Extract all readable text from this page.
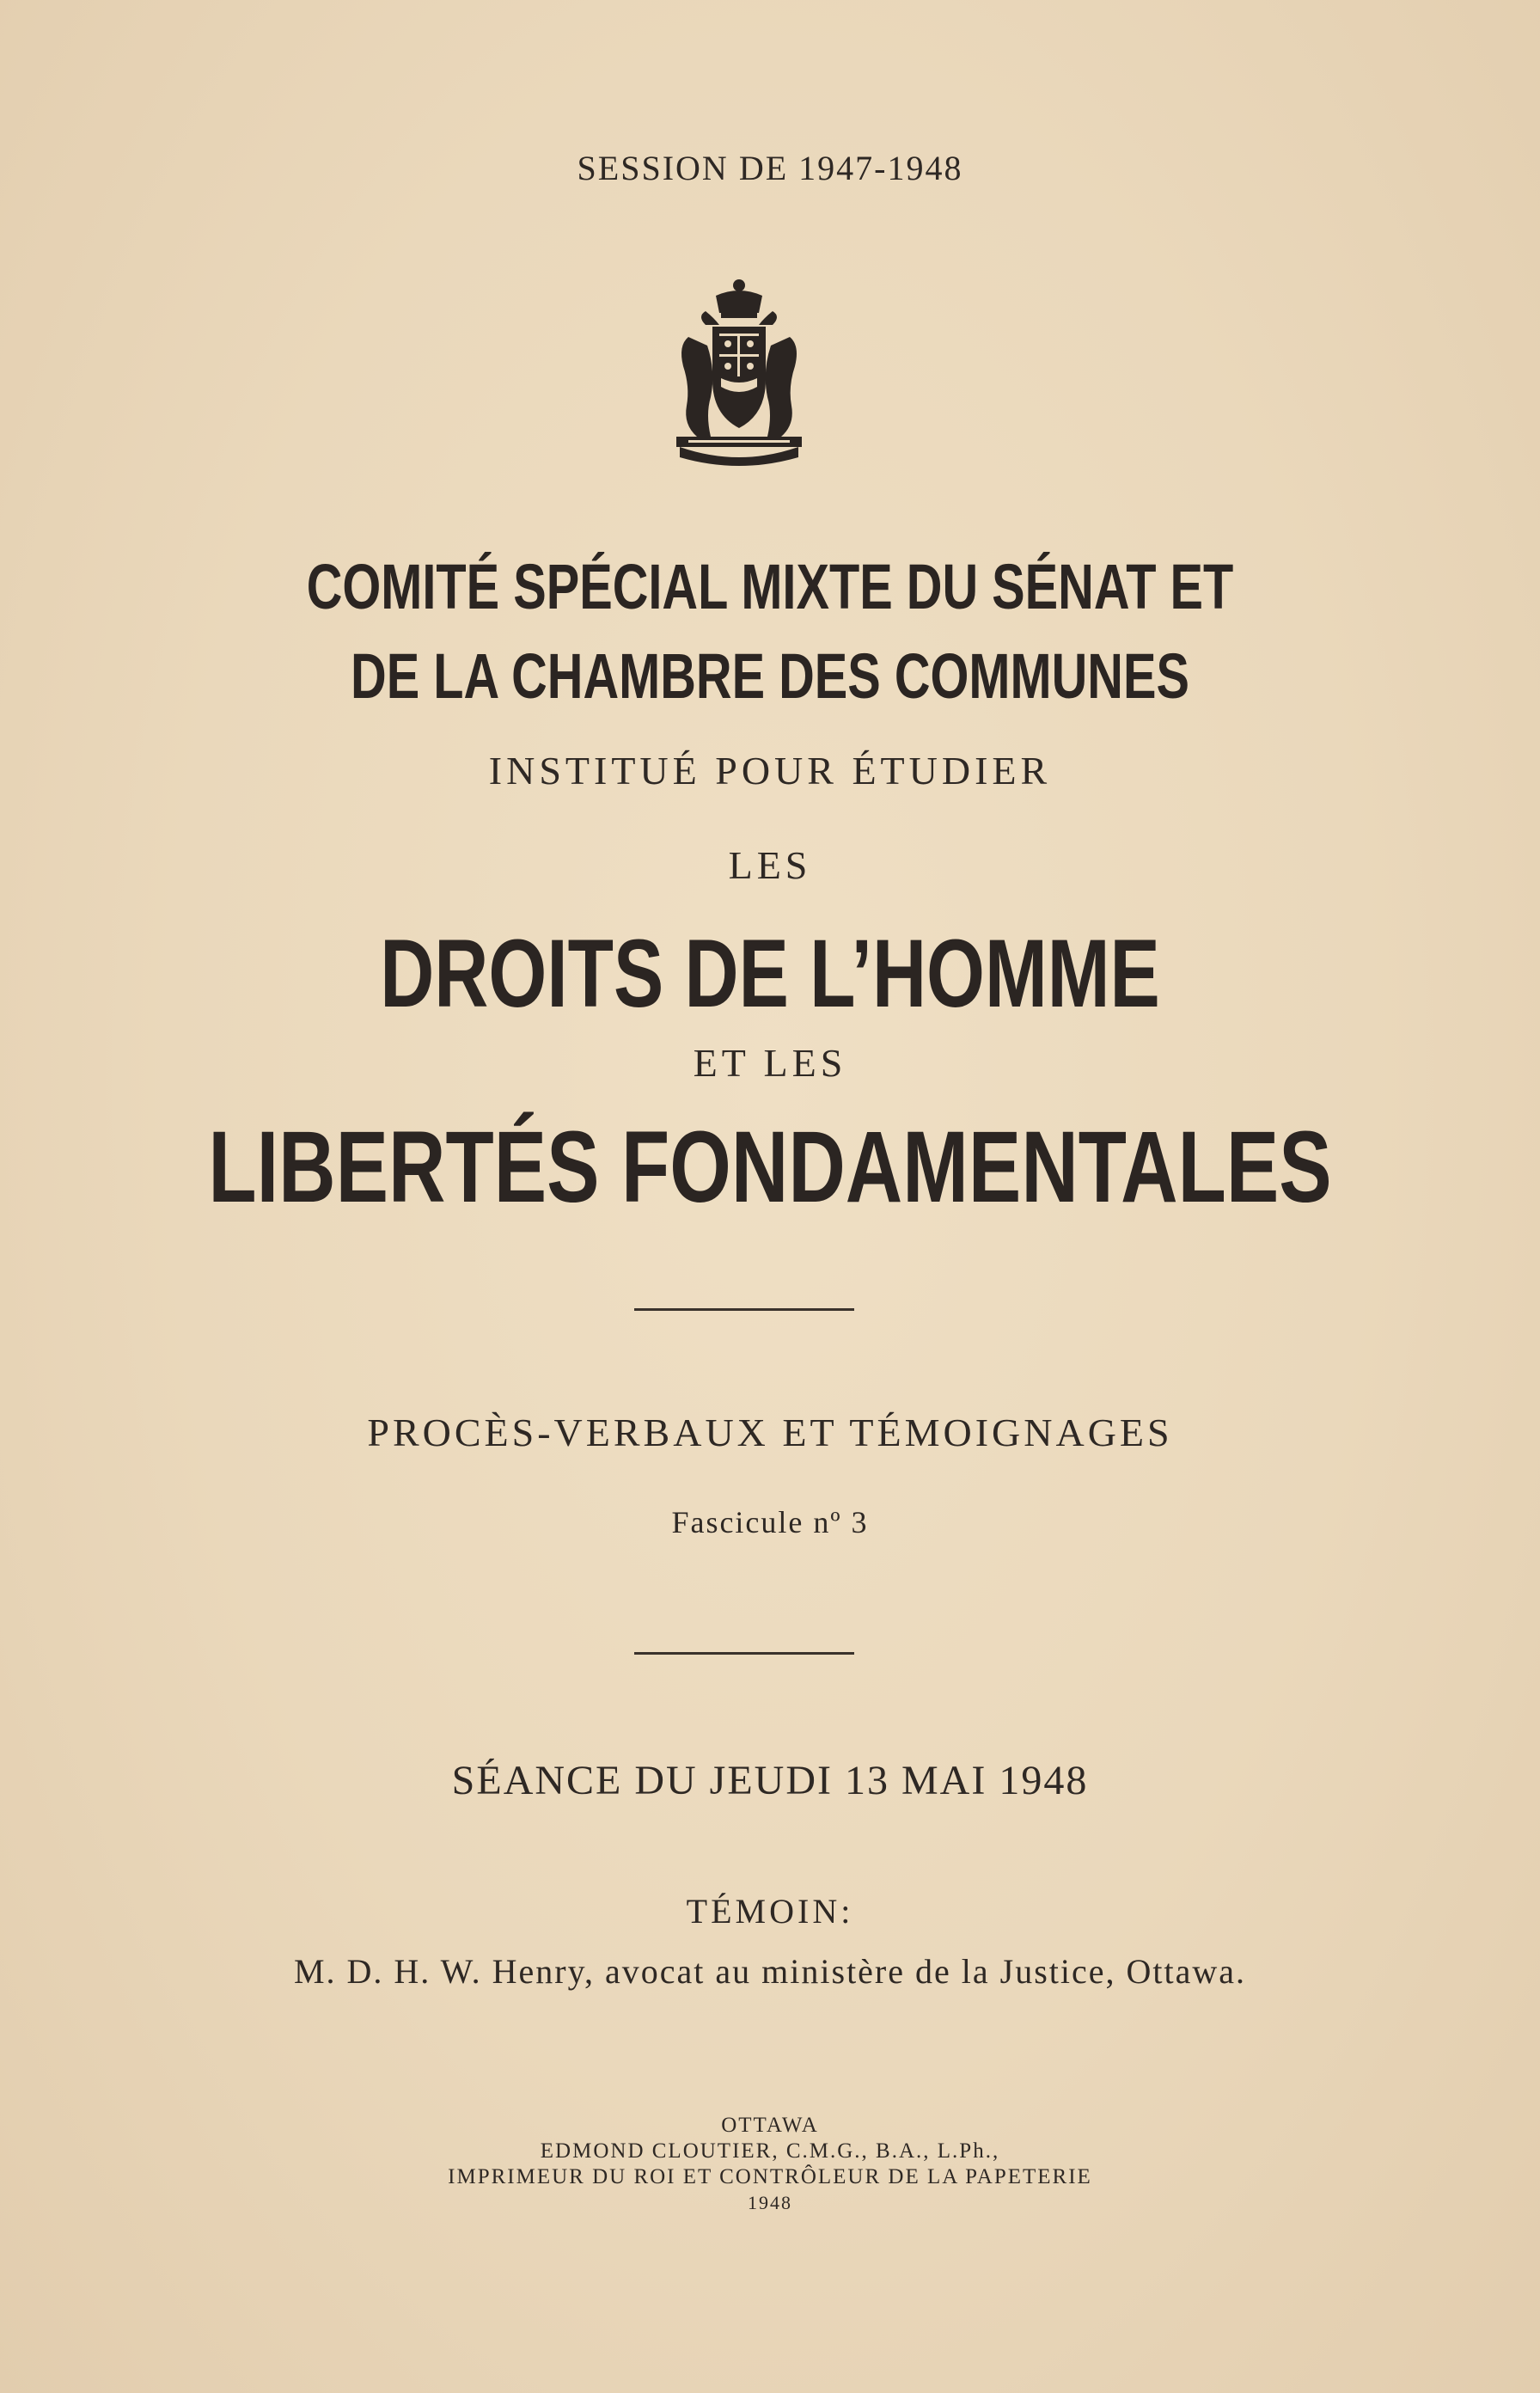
SESSION DE 1947-1948
COMITÉ SPÉCIAL MIXTE DU SÉNAT ET
DE LA CHAMBRE DES COMMUNES
INSTITUÉ POUR ÉTUDIER
LES
DROITS DE L’HOMME
ET LES
LIBERTÉS FONDAMENTALES
PROCÈS-VERBAUX ET TÉMOIGNAGES
Fascicule nº 3
SÉANCE DU JEUDI 13 MAI 1948
TÉMOIN:
M. D. H. W. Henry, avocat au ministère de la Justice, Ottawa.
OTTAWA
EDMOND CLOUTIER, C.M.G., B.A., L.Ph.,
IMPRIMEUR DU ROI ET CONTRÔLEUR DE LA PAPETERIE
1948
